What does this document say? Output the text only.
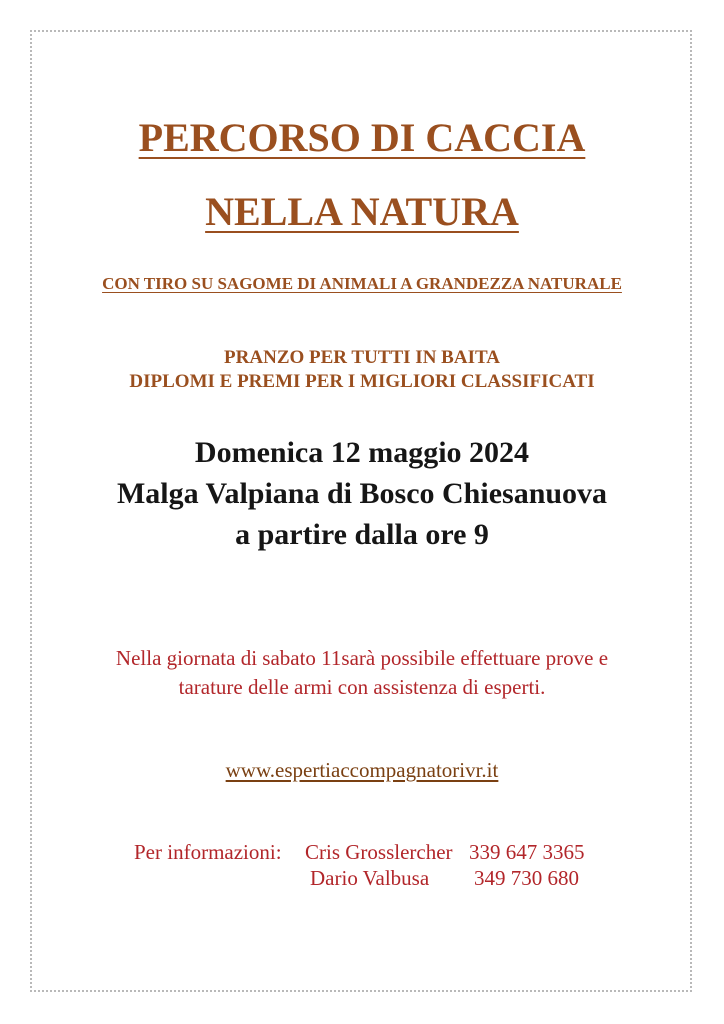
PERCORSO DI CACCIA
NELLA NATURA
CON TIRO SU SAGOME DI ANIMALI A GRANDEZZA NATURALE
PRANZO PER TUTTI IN BAITA
DIPLOMI E PREMI PER I MIGLIORI CLASSIFICATI
Domenica 12 maggio 2024
Malga Valpiana di Bosco Chiesanuova
a partire dalla ore 9
Nella giornata di sabato 11sarà possibile effettuare prove e
tarature delle armi con assistenza di esperti.
www.espertiaccompagnatorivr.it
Per informazioni: Cris Grosslercher 339 647 3365
Dario Valbusa 349 730 680
